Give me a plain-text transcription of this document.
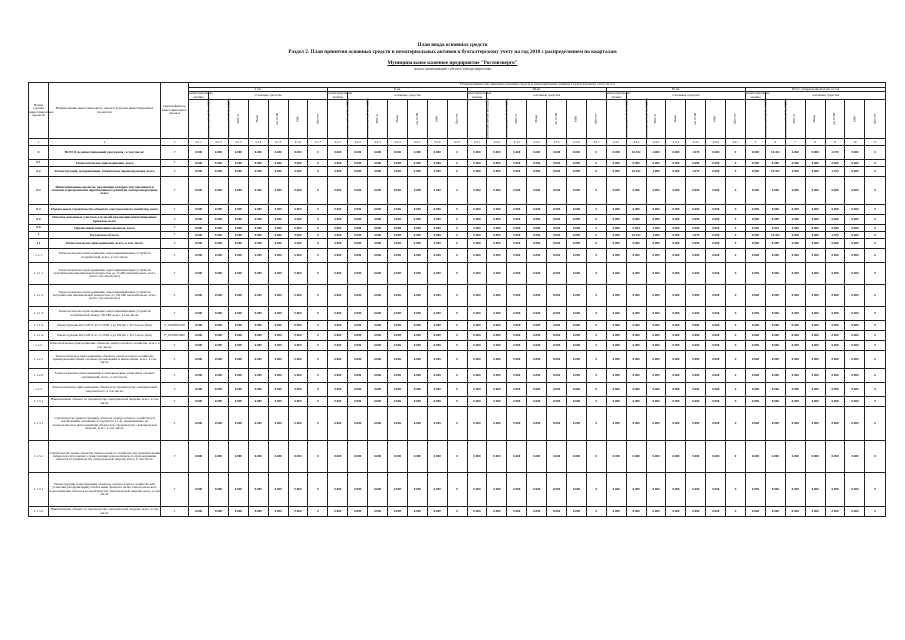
План ввода основных средств
Раздел 2. План принятия основных средств и нематериальных активов к бухгалтерскому учету на год 2018 с распределением по кварталам
Муниципальное казенное предприятие "Ростовэнерго"
полное наименование субъекта электроэнергетики
Номер группы инвестиционных проектов	Наименование инвестиционного проекта (группы инвестиционных проектов)	Идентификатор инвестиционного проекта	Утвержденный план принятия основных средств и нематериальных активов к бухгалтерскому учету на год																																		
			I кв.							II кв.							III кв.							IV кв.							Итого утвержденный план за год						
			нематериальные активы	основные средства						нематериальные активы	основные средства						нематериальные активы	основные средства						нематериальные активы	основные средства						нематериальные активы	основные средства					
			всего (млн рублей без НДС)	всего (млн рублей без НДС)	МВ×А	Мвар	км ЛЭП	МВт	Другое	всего (млн рублей без НДС)	всего (млн рублей без НДС)	МВ×А	Мвар	км ЛЭП	МВт	Другое	всего (млн рублей без НДС)	всего (млн рублей без НДС)	МВ×А	Мвар	км ЛЭП	МВт	Другое	всего (млн рублей без НДС)	всего (млн рублей без НДС)	МВ×А	Мвар	км ЛЭП	МВт	Другое	всего (млн рублей без НДС)	всего (млн рублей без НДС)	МВ×А	Мвар	км ЛЭП	МВт	Другое
1	2	3	4.1.1	4.1.2	4.1.3	4.1.4	4.1.5	4.1.6	4.1.7	4.2.1	4.2.2	4.2.3	4.2.4	4.2.5	4.2.6	4.2.7	4.3.1	4.3.2	4.3.3	4.3.4	4.3.5	4.3.6	4.3.7	4.4.1	4.4.2	4.4.3	4.4.4	4.4.5	4.4.6	4.4.7	5	6	7	8	9	10	11
0	ВСЕГО по инвестиционной программе , в том числе:	Г	0.000	0.000	0.000	0.000	0.000	0.000	0	0.000	0.000	0.000	0.000	0.000	0.000	0	0.000	0.000	0.000	0.000	0.000	0.000	0	0.000	10.452	4.000	0.000	2.070	0.000	0	0.000	10.452	4.000	0.000	2.070	0.000	0
0.1	Технологическое присоединение, всего	Г	0.000	0.000	0.000	0.000	0.000	0.000	0	0.000	0.000	0.000	0.000	0.000	0.000	0	0.000	0.000	0.000	0.000	0.000	0.000	0	0.000	0.000	0.000	0.000	0.000	0.000	0	0.000	0.000	0.000	0.000	0.000	0.000	0
0.2	Реконструкция, модернизация, техническое перевооружение, всего	Г	0.000	0.000	0.000	0.000	0.000	0.000	0	0.000	0.000	0.000	0.000	0.000	0.000	0	0.000	0.000	0.000	0.000	0.000	0.000	0	0.000	10.452	4.000	0.000	2.070	0.000	0	0.000	10.452	4.000	0.000	2.070	0.000	0
0.3	Инвестиционные проекты, реализация которых обуславливается схемами и программами перспективного развития электроэнергетики, всего	Г	0.000	0.000	0.000	0.000	0.000	0.000	0	0.000	0.000	0.000	0.000	0.000	0.000	0	0.000	0.000	0.000	0.000	0.000	0.000	0	0.000	0.000	0.000	0.000	0.000	0.000	0	0.000	0.000	0.000	0.000	0.000	0.000	0
0.4	Прочее новое строительство объектов электросетевого хозяйства, всего	Г	0.000	0.000	0.000	0.000	0.000	0.000	0	0.000	0.000	0.000	0.000	0.000	0.000	0	0.000	0.000	0.000	0.000	0.000	0.000	0	0.000	0.000	0.000	0.000	0.000	0.000	0	0.000	0.000	0.000	0.000	0.000	0.000	0
0.5	Покупка земельных участков для целей реализации инвестиционных проектов, всего	Г	0.000	0.000	0.000	0.000	0.000	0.000	0	0.000	0.000	0.000	0.000	0.000	0.000	0	0.000	0.000	0.000	0.000	0.000	0.000	0	0.000	0.000	0.000	0.000	0.000	0.000	0	0.000	0.000	0.000	0.000	0.000	0.000	0
0.6	Прочие инвестиционные проекты, всего	Г	0.000	0.000	0.000	0.000	0.000	0.000	0	0.000	0.000	0.000	0.000	0.000	0.000	0	0.000	0.000	0.000	0.000	0.000	0.000	0	0.000	0.994	4.000	0.000	0.000	0.000	0	0.000	0.994	4.000	0.000	0.000	0.000	0
1	Ростовская область	Г	0.000	0.000	0.000	0.000	0.000	0.000	0	0.000	0.000	0.000	0.000	0.000	0.000	0	0.000	0.000	0.000	0.000	0.000	0.000	0	0.000	10.452	4.000	0.000	2.070	0.000	0	0.000	10.452	4.000	0.000	2.070	0.000	0
1.1	Технологическое присоединение, всего, в том числе:	Г	0.000	0.000	0.000	0.000	0.000	0.000	0	0.000	0.000	0.000	0.000	0.000	0.000	0	0.000	0.000	0.000	0.000	0.000	0.000	0	0.000	0.000	0.000	0.000	0.000	0.000	0	0.000	0.000	0.000	0.000	0.000	0.000	0
1.1.1	Технологическое присоединение энергопринимающих устройств потребителей, всего, в том числе:	Г	0.000	0.000	0.000	0.000	0.000	0.000	0	0.000	0.000	0.000	0.000	0.000	0.000	0	0.000	0.000	0.000	0.000	0.000	0.000	0	0.000	0.000	0.000	0.000	0.000	0.000	0	0.000	0.000	0.000	0.000	0.000	0.000	0
1.1.1.1	Технологическое присоединение энергопринимающих устройств потребителей максимальной мощностью до 15 кВт включительно, всего (всего строительство)	Г	0.000	0.000	0.000	0.000	0.000	0.000	0	0.000	0.000	0.000	0.000	0.000	0.000	0	0.000	0.000	0.000	0.000	0.000	0.000	0	0.000	0.000	0.000	0.000	0.000	0.000	0	0.000	0.000	0.000	0.000	0.000	0.000	0
1.1.1.2	Технологическое присоединение энергопринимающих устройств потребителей максимальной мощностью до 150 кВт включительно, всего (всего строительство)	Г	0.000	0.000	0.000	0.000	0.000	0.000	0	0.000	0.000	0.000	0.000	0.000	0.000	0	0.000	0.000	0.000	0.000	0.000	0.000	0	0.000	0.000	0.000	0.000	0.000	0.000	0	0.000	0.000	0.000	0.000	0.000	0.000	0
1.1.1.3	Технологическое присоединение энергопринимающих устройств потребителей свыше 150 кВт, всего, в том числе:	Г	0.000	0.000	0.000	0.000	0.000	0.000	0	0.000	0.000	0.000	0.000	0.000	0.000	0	0.000	0.000	0.000	0.000	0.000	0.000	0	0.000	0.000	0.000	0.000	0.000	0.000	0	0.000	0.000	0.000	0.000	0.000	0.000	0
1.1.1.3	Реконструкция КЛ 6 кВ Л-22 от ПЭП к до РП-66, г. Ростов-на-Дону	F_0183002249	0.000	0.000	0.000	0.000	0.000	0.000	0	0.000	0.000	0.000	0.000	0.000	0.000	0	0.000	0.000	0.000	0.000	0.000	0.000	0	0.000	0.000	0.000	0.000	0.000	0.000	0	0.000	0.000	0.000	0.000	0.000	0.000	0
1.1.1.4	Реконструкция КЛ 6 кВ Л-21 от ПЭП к до РП-66, г. Ростов-на-Дону	F_0183002682	0.000	0.000	0.000	0.000	0.000	0.000	0	0.000	0.000	0.000	0.000	0.000	0.000	0	0.000	0.000	0.000	0.000	0.000	0.000	0	0.000	0.000	0.000	0.000	0.000	0.000	0	0.000	0.000	0.000	0.000	0.000	0.000	0
1.1.2	Технологическое присоединение объектов электросетевого хозяйства, всего, в том числе:	Г	0.000	0.000	0.000	0.000	0.000	0.000	0	0.000	0.000	0.000	0.000	0.000	0.000	0	0.000	0.000	0.000	0.000	0.000	0.000	0	0.000	0.000	0.000	0.000	0.000	0.000	0	0.000	0.000	0.000	0.000	0.000	0.000	0
1.1.2.1	Технологическое присоединение объектов электросетевого хозяйства, принадлежащих иным сетевым организациям и иным лицам, всего, в том числе:	Г	0.000	0.000	0.000	0.000	0.000	0.000	0	0.000	0.000	0.000	0.000	0.000	0.000	0	0.000	0.000	0.000	0.000	0.000	0.000	0	0.000	0.000	0.000	0.000	0.000	0.000	0	0.000	0.000	0.000	0.000	0.000	0.000	0
1.1.2.2	Технологическое присоединение к электрическим сетям иных сетевых организаций, всего, в том числе:	Г	0.000	0.000	0.000	0.000	0.000	0.000	0	0.000	0.000	0.000	0.000	0.000	0.000	0	0.000	0.000	0.000	0.000	0.000	0.000	0	0.000	0.000	0.000	0.000	0.000	0.000	0	0.000	0.000	0.000	0.000	0.000	0.000	0
1.1.3	Технологическое присоединение объектов по производству электрической энергии всего, в том числе:	Г	0.000	0.000	0.000	0.000	0.000	0.000	0	0.000	0.000	0.000	0.000	0.000	0.000	0	0.000	0.000	0.000	0.000	0.000	0.000	0	0.000	0.000	0.000	0.000	0.000	0.000	0	0.000	0.000	0.000	0.000	0.000	0.000	0
1.1.3.1	Наименование объекта по производству электрической энергии, всего, в том числе:	Г	0.000	0.000	0.000	0.000	0.000	0.000	0	0.000	0.000	0.000	0.000	0.000	0.000	0	0.000	0.000	0.000	0.000	0.000	0.000	0	0.000	0.000	0.000	0.000	0.000	0.000	0	0.000	0.000	0.000	0.000	0.000	0.000	0
1.1.3.1	Строительство (реконструкция) объектов электросетевого хозяйства (за исключением указанных в подпункте 1.1.4), направленных на технологическое присоединение объектов по производству электрической энергии, всего, в том числе:	Г	0.000	0.000	0.000	0.000	0.000	0.000	0	0.000	0.000	0.000	0.000	0.000	0.000	0	0.000	0.000	0.000	0.000	0.000	0.000	0	0.000	0.000	0.000	0.000	0.000	0.000	0	0.000	0.000	0.000	0.000	0.000	0.000	0
1.1.3.1	Строительство новых объектов электросетевого хозяйства для удовлетворения интересов сети в целях осуществления технологического присоединения объектов по производству электрической энергии, всего, в том числе:	Г	0.000	0.000	0.000	0.000	0.000	0.000	0	0.000	0.000	0.000	0.000	0.000	0.000	0	0.000	0.000	0.000	0.000	0.000	0.000	0	0.000	0.000	0.000	0.000	0.000	0.000	0	0.000	0.000	0.000	0.000	0.000	0.000	0
1.1.3.1	Реконструкция существующих объектов электросетевого хозяйства или установка (модернизация) сетей и иных фондов в целях технологического присоединения объектов по производству электрической энергии, всего, в том числе:	Г	0.000	0.000	0.000	0.000	0.000	0.000	0	0.000	0.000	0.000	0.000	0.000	0.000	0	0.000	0.000	0.000	0.000	0.000	0.000	0	0.000	0.000	0.000	0.000	0.000	0.000	0	0.000	0.000	0.000	0.000	0.000	0.000	0
1.1.3.2	Наименование объекта по производству электрической энергии, всего, в том числе:	Г	0.000	0.000	0.000	0.000	0.000	0.000	0	0.000	0.000	0.000	0.000	0.000	0.000	0	0.000	0.000	0.000	0.000	0.000	0.000	0	0.000	0.000	0.000	0.000	0.000	0.000	0	0.000	0.000	0.000	0.000	0.000	0.000	0
